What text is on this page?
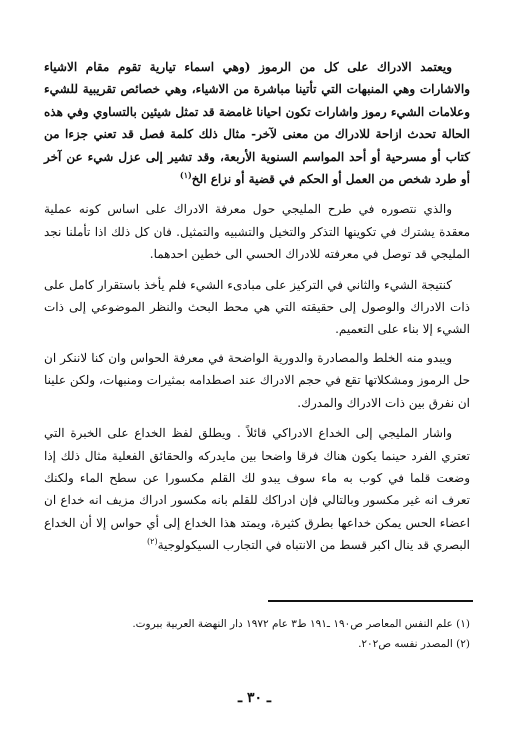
ويعتمد الادراك على كل من الرموز (وهي اسماء تيارية تقوم مقام الاشياء والاشارات وهي المنبهات التي تأتينا مباشرة من الاشياء، وهي خصائص تقريبية للشيء وعلامات الشيء رموز واشارات تكون احيانا غامضة قد تمثل شيئين بالتساوي وفي هذه الحالة تحدث ازاحة للادراك من معنى لآخر- مثال ذلك كلمة فصل قد تعني جزءا من كتاب أو مسرحية أو أحد المواسم السنوية الأربعة، وقد تشير إلى عزل شيء عن آخر أو طرد شخص من العمل أو الحكم في قضية أو نزاع الخ$^{(١)}$

والذي نتصوره في طرح المليجي حول معرفة الادراك على اساس كونه عملية معقدة يشترك في تكوينها التذكر والتخيل والتشبيه والتمثيل. فان كل ذلك اذا تأملنا نجد المليجي قد توصل في معرفته للادراك الحسي الى خطين احدهما.

كنتيجة الشيء والثاني في التركيز على مبادىء الشيء فلم يأخذ باستقرار كامل على ذات الادراك والوصول إلى حقيقته التي هي محط البحث والنظر الموضوعي إلى ذات الشيء إلا بناء على التعميم.

ويبدو منه الخلط والمصادرة والدورية الواضحة في معرفة الحواس وان كنا لاننكر ان حل الرموز ومشكلاتها تقع في حجم الادراك عند اصطدامه بمثيرات ومنبهات، ولكن علينا ان نفرق بين ذات الادراك والمدرك.

واشار المليجي إلى الخداع الادراكي قائلاً . ويطلق لفظ الخداع على الخبرة التي تعتري الفرد حينما يكون هناك فرقا واضحا بين مايدركه والحقائق الفعلية مثال ذلك إذا وضعت قلما في كوب به ماء سوف يبدو لك القلم مكسورا عن سطح الماء ولكنك تعرف انه غير مكسور وبالتالي فإن ادراكك للقلم بانه مكسور ادراك مزيف انه خداع ان اعضاء الحس يمكن خداعها بطرق كثيرة، ويمتد هذا الخداع إلى أي حواس إلا أن الخداع البصري قد ينال اكبر قسط من الانتباه في التجارب السيكولوجية$^{(٢)}$

(١) علم النفس المعاصر ص١٩٠ ـ١٩١ ط٣ عام ١٩٧٢ دار النهضة العربية ببروت.

(٢) المصدر نفسه ص٢٠٢.

ـ ٣٠ ـ
